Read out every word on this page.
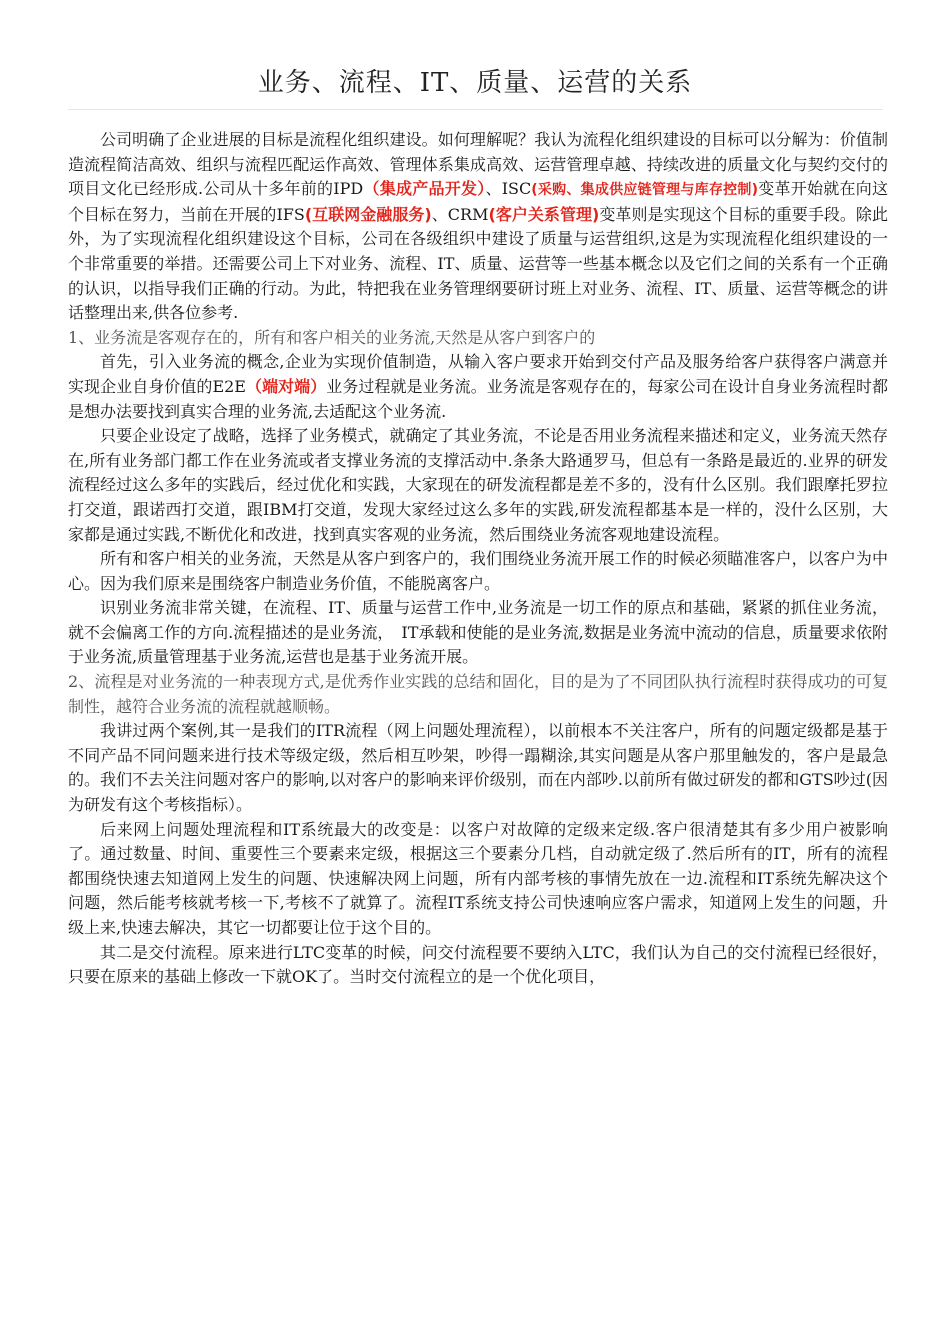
业务、流程、IT、质量、运营的关系

公司明确了企业进展的目标是流程化组织建设。如何理解呢？我认为流程化组织建设的目标可以分解为：价值制造流程简洁高效、组织与流程匹配运作高效、管理体系集成高效、运营管理卓越、持续改进的质量文化与契约交付的项目文化已经形成.公司从十多年前的IPD（集成产品开发）、ISC(采购、集成供应链管理与库存控制)变革开始就在向这个目标在努力，当前在开展的IFS(互联网金融服务)、CRM(客户关系管理)变革则是实现这个目标的重要手段。除此外，为了实现流程化组织建设这个目标，公司在各级组织中建设了质量与运营组织,这是为实现流程化组织建设的一个非常重要的举措。还需要公司上下对业务、流程、IT、质量、运营等一些基本概念以及它们之间的关系有一个正确的认识，以指导我们正确的行动。为此，特把我在业务管理纲要研讨班上对业务、流程、IT、质量、运营等概念的讲话整理出来,供各位参考.

1、业务流是客观存在的，所有和客户相关的业务流,天然是从客户到客户的

首先，引入业务流的概念,企业为实现价值制造，从输入客户要求开始到交付产品及服务给客户获得客户满意并实现企业自身价值的E2E（端对端）业务过程就是业务流。业务流是客观存在的，每家公司在设计自身业务流程时都是想办法要找到真实合理的业务流,去适配这个业务流.

只要企业设定了战略，选择了业务模式，就确定了其业务流，不论是否用业务流程来描述和定义，业务流天然存在,所有业务部门都工作在业务流或者支撑业务流的支撑活动中.条条大路通罗马，但总有一条路是最近的.业界的研发流程经过这么多年的实践后，经过优化和实践，大家现在的研发流程都是差不多的，没有什么区别。我们跟摩托罗拉打交道，跟诺西打交道，跟IBM打交道，发现大家经过这么多年的实践,研发流程都基本是一样的，没什么区别，大家都是通过实践,不断优化和改进，找到真实客观的业务流，然后围绕业务流客观地建设流程。

所有和客户相关的业务流，天然是从客户到客户的，我们围绕业务流开展工作的时候必须瞄准客户，以客户为中心。因为我们原来是围绕客户制造业务价值，不能脱离客户。

识别业务流非常关键，在流程、IT、质量与运营工作中,业务流是一切工作的原点和基础，紧紧的抓住业务流，就不会偏离工作的方向.流程描述的是业务流，　IT承载和使能的是业务流,数据是业务流中流动的信息，质量要求依附于业务流,质量管理基于业务流,运营也是基于业务流开展。

2、流程是对业务流的一种表现方式,是优秀作业实践的总结和固化，目的是为了不同团队执行流程时获得成功的可复制性，越符合业务流的流程就越顺畅。

我讲过两个案例,其一是我们的ITR流程（网上问题处理流程），以前根本不关注客户，所有的问题定级都是基于不同产品不同问题来进行技术等级定级，然后相互吵架，吵得一蹋糊涂,其实问题是从客户那里触发的，客户是最急的。我们不去关注问题对客户的影响,以对客户的影响来评价级别，而在内部吵.以前所有做过研发的都和GTS吵过(因为研发有这个考核指标）。

后来网上问题处理流程和IT系统最大的改变是：以客户对故障的定级来定级.客户很清楚其有多少用户被影响了。通过数量、时间、重要性三个要素来定级，根据这三个要素分几档，自动就定级了.然后所有的IT，所有的流程都围绕快速去知道网上发生的问题、快速解决网上问题，所有内部考核的事情先放在一边.流程和IT系统先解决这个问题，然后能考核就考核一下,考核不了就算了。流程IT系统支持公司快速响应客户需求，知道网上发生的问题，升级上来,快速去解决，其它一切都要让位于这个目的。

其二是交付流程。原来进行LTC变革的时候，问交付流程要不要纳入LTC，我们认为自己的交付流程已经很好，只要在原来的基础上修改一下就OK了。当时交付流程立的是一个优化项目，
